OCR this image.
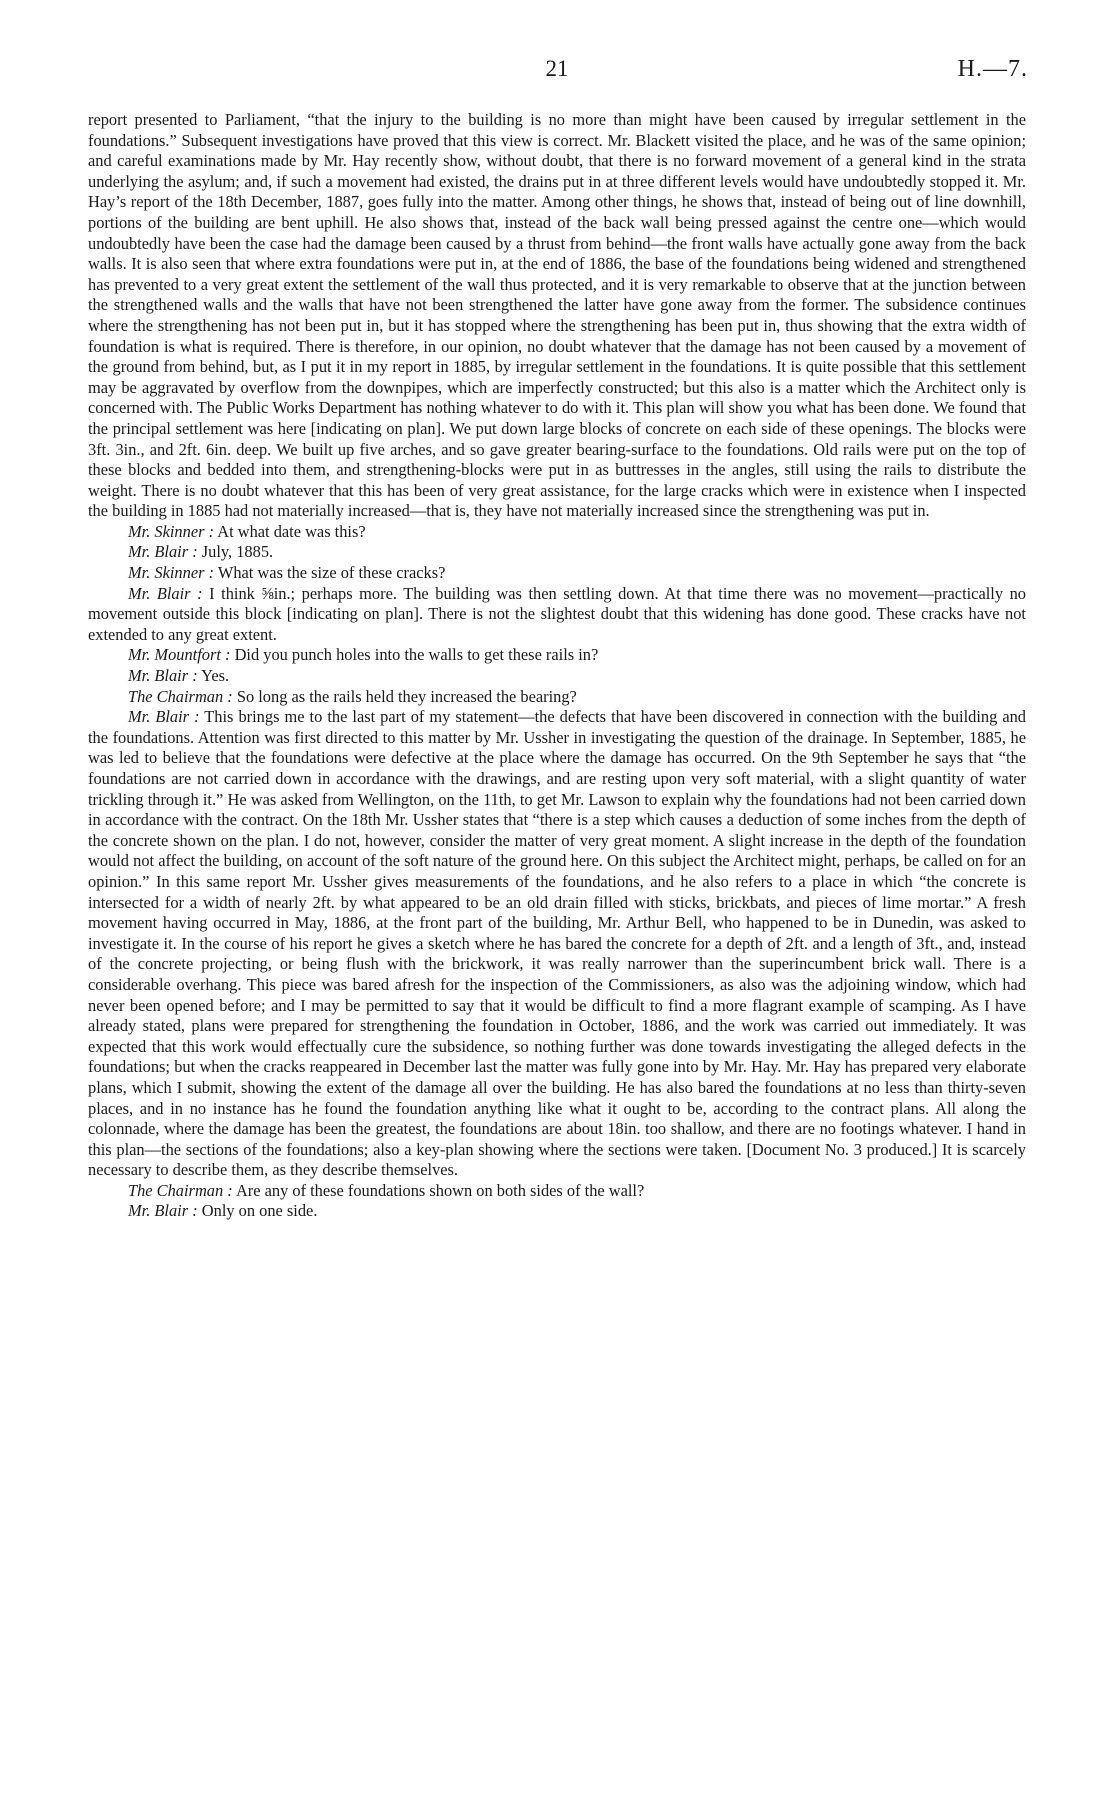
21	H.—7.

report presented to Parliament, “that the injury to the building is no more than might have been caused by irregular settlement in the foundations.” Subsequent investigations have proved that this view is correct. Mr. Blackett visited the place, and he was of the same opinion; and careful examinations made by Mr. Hay recently show, without doubt, that there is no forward movement of a general kind in the strata underlying the asylum; and, if such a movement had existed, the drains put in at three different levels would have undoubtedly stopped it. Mr. Hay’s report of the 18th December, 1887, goes fully into the matter. Among other things, he shows that, instead of being out of line downhill, portions of the building are bent uphill. He also shows that, instead of the back wall being pressed against the centre one—which would undoubtedly have been the case had the damage been caused by a thrust from behind—the front walls have actually gone away from the back walls. It is also seen that where extra foundations were put in, at the end of 1886, the base of the foundations being widened and strengthened has prevented to a very great extent the settlement of the wall thus protected, and it is very remarkable to observe that at the junction between the strengthened walls and the walls that have not been strengthened the latter have gone away from the former. The subsidence continues where the strengthening has not been put in, but it has stopped where the strengthening has been put in, thus showing that the extra width of foundation is what is required. There is therefore, in our opinion, no doubt whatever that the damage has not been caused by a movement of the ground from behind, but, as I put it in my report in 1885, by irregular settlement in the foundations. It is quite possible that this settlement may be aggravated by overflow from the downpipes, which are imperfectly constructed; but this also is a matter which the Architect only is concerned with. The Public Works Department has nothing whatever to do with it. This plan will show you what has been done. We found that the principal settlement was here [indicating on plan]. We put down large blocks of concrete on each side of these openings. The blocks were 3ft. 3in., and 2ft. 6in. deep. We built up five arches, and so gave greater bearing-surface to the foundations. Old rails were put on the top of these blocks and bedded into them, and strengthening-blocks were put in as buttresses in the angles, still using the rails to distribute the weight. There is no doubt whatever that this has been of very great assistance, for the large cracks which were in existence when I inspected the building in 1885 had not materially increased—that is, they have not materially increased since the strengthening was put in.

Mr. Skinner : At what date was this?

Mr. Blair : July, 1885.

Mr. Skinner : What was the size of these cracks?

Mr. Blair : I think ⅝in.; perhaps more. The building was then settling down. At that time there was no movement—practically no movement outside this block [indicating on plan]. There is not the slightest doubt that this widening has done good. These cracks have not extended to any great extent.

Mr. Mountfort : Did you punch holes into the walls to get these rails in?

Mr. Blair : Yes.

The Chairman : So long as the rails held they increased the bearing?

Mr. Blair : This brings me to the last part of my statement—the defects that have been discovered in connection with the building and the foundations. Attention was first directed to this matter by Mr. Ussher in investigating the question of the drainage. In September, 1885, he was led to believe that the foundations were defective at the place where the damage has occurred. On the 9th September he says that “the foundations are not carried down in accordance with the drawings, and are resting upon very soft material, with a slight quantity of water trickling through it.” He was asked from Wellington, on the 11th, to get Mr. Lawson to explain why the foundations had not been carried down in accordance with the contract. On the 18th Mr. Ussher states that “there is a step which causes a deduction of some inches from the depth of the concrete shown on the plan. I do not, however, consider the matter of very great moment. A slight increase in the depth of the foundation would not affect the building, on account of the soft nature of the ground here. On this subject the Architect might, perhaps, be called on for an opinion.” In this same report Mr. Ussher gives measurements of the foundations, and he also refers to a place in which “the concrete is intersected for a width of nearly 2ft. by what appeared to be an old drain filled with sticks, brickbats, and pieces of lime mortar.” A fresh movement having occurred in May, 1886, at the front part of the building, Mr. Arthur Bell, who happened to be in Dunedin, was asked to investigate it. In the course of his report he gives a sketch where he has bared the concrete for a depth of 2ft. and a length of 3ft., and, instead of the concrete projecting, or being flush with the brickwork, it was really narrower than the superincumbent brick wall. There is a considerable overhang. This piece was bared afresh for the inspection of the Commissioners, as also was the adjoining window, which had never been opened before; and I may be permitted to say that it would be difficult to find a more flagrant example of scamping. As I have already stated, plans were prepared for strengthening the foundation in October, 1886, and the work was carried out immediately. It was expected that this work would effectually cure the subsidence, so nothing further was done towards investigating the alleged defects in the foundations; but when the cracks reappeared in December last the matter was fully gone into by Mr. Hay. Mr. Hay has prepared very elaborate plans, which I submit, showing the extent of the damage all over the building. He has also bared the foundations at no less than thirty-seven places, and in no instance has he found the foundation anything like what it ought to be, according to the contract plans. All along the colonnade, where the damage has been the greatest, the foundations are about 18in. too shallow, and there are no footings whatever. I hand in this plan—the sections of the foundations; also a key-plan showing where the sections were taken. [Document No. 3 produced.] It is scarcely necessary to describe them, as they describe themselves.

The Chairman : Are any of these foundations shown on both sides of the wall?

Mr. Blair : Only on one side.
